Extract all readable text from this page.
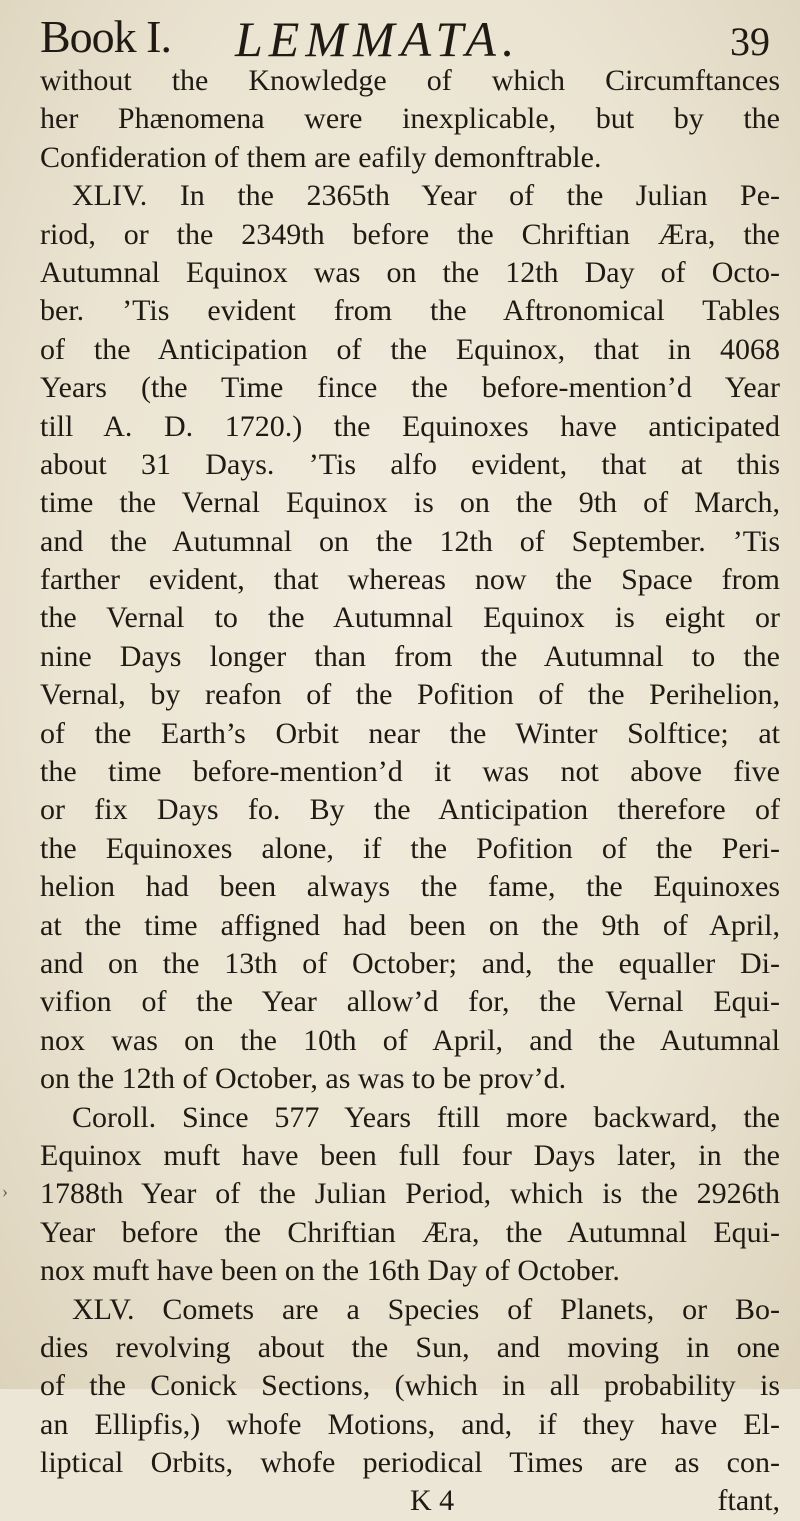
Book I. LEMMATA.	39
without the Knowledge of which Circumftances
her Phænomena were inexplicable, but by the
Confideration of them are eafily demonftrable.
XLIV. In the 2365th Year of the Julian Pe-
riod, or the 2349th before the Chriftian Æra, the
Autumnal Equinox was on the 12th Day of Octo-
ber. ’Tis evident from the Aftronomical Tables
of the Anticipation of the Equinox, that in 4068
Years (the Time fince the before-mention’d Year
till A. D. 1720.) the Equinoxes have anticipated
about 31 Days. ’Tis alfo evident, that at this
time the Vernal Equinox is on the 9th of March,
and the Autumnal on the 12th of September. ’Tis
farther evident, that whereas now the Space from
the Vernal to the Autumnal Equinox is eight or
nine Days longer than from the Autumnal to the
Vernal, by reafon of the Pofition of the Perihelion,
of the Earth’s Orbit near the Winter Solftice; at
the time before-mention’d it was not above five
or fix Days fo. By the Anticipation therefore of
the Equinoxes alone, if the Pofition of the Peri-
helion had been always the fame, the Equinoxes
at the time affigned had been on the 9th of April,
and on the 13th of October; and, the equaller Di-
vifion of the Year allow’d for, the Vernal Equi-
nox was on the 10th of April, and the Autumnal
on the 12th of October, as was to be prov’d.
Coroll. Since 577 Years ftill more backward, the
Equinox muft have been full four Days later, in the
1788th Year of the Julian Period, which is the 2926th
Year before the Chriftian Æra, the Autumnal Equi-
nox muft have been on the 16th Day of October.
XLV. Comets are a Species of Planets, or Bo-
dies revolving about the Sun, and moving in one
of the Conick Sections, (which in all probability is
an Ellipfis,) whofe Motions, and, if they have El-
liptical Orbits, whofe periodical Times are as con-
K 4	ftant,
›
